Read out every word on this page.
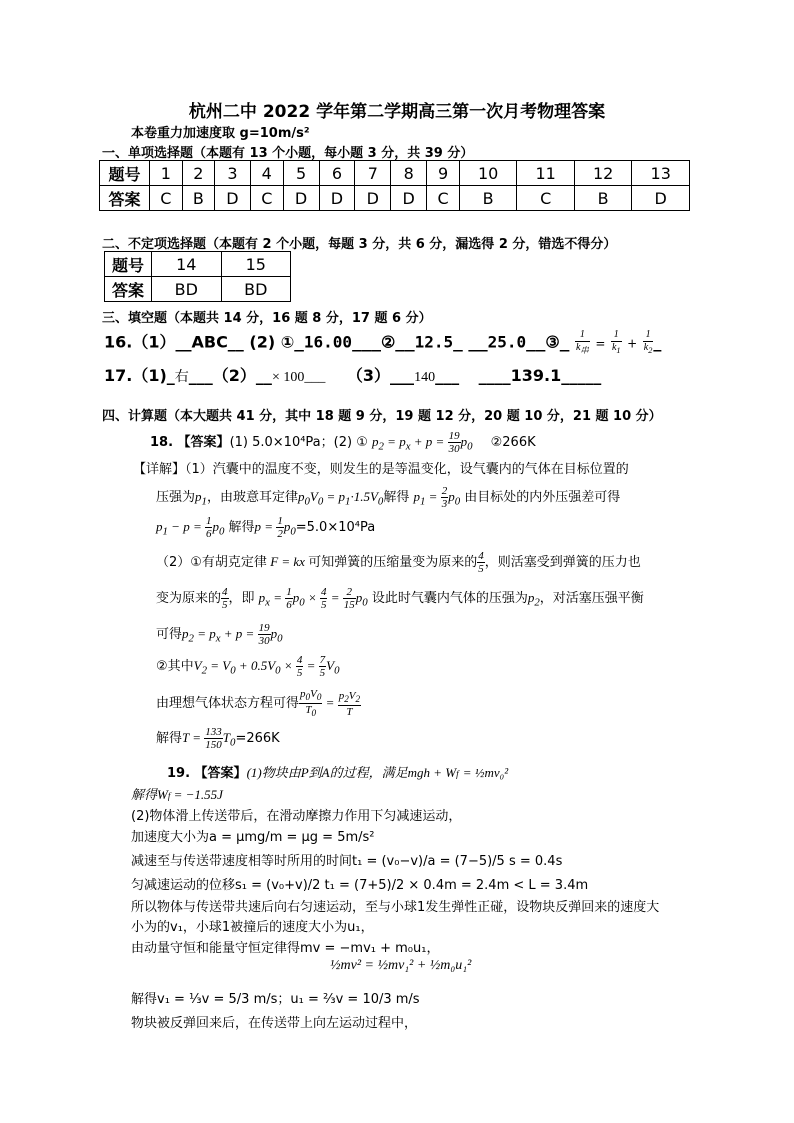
杭州二中 2022 学年第二学期高三第一次月考物理答案
本卷重力加速度取 g=10m/s²
一、单项选择题（本题有 13 个小题，每小题 3 分，共 39 分）
题号	1	2	3	4	5	6	7	8	9	10	11	12	13
答案	C	B	D	C	D	D	D	D	C	B	C	B	D
二、不定项选择题（本题有 2 个小题，每题 3 分，共 6 分，漏选得 2 分，错选不得分）
题号	14	15
答案	BD	BD
三、填空题（本题共 14 分，16 题 8 分，17 题 6 分）
16.（1）__ABC__ (2) ①_16.00___②__12.5_ __25.0__③_ $\frac{1}{k_串} = \frac{1}{k_1} + \frac{1}{k_2}$ _
17.（1)_右___（2）__× 100___ （3）___140___ ____139.1_____
四、计算题（本大题共 41 分，其中 18 题 9 分，19 题 12 分，20 题 10 分，21 题 10 分）
18. 【答案】(1) 5.0×10⁴Pa；(2) ① $p_2 = p_x + p = \frac{19}{30} p_0$ ②266K
【详解】（1）汽囊中的温度不变，则发生的是等温变化，设气囊内的气体在目标位置的
压强为$p_1$，由玻意耳定律$p_0V_0 = p_1\cdot 1.5V_0$解得 $p_1 = \frac{2}{3} p_0$ 由目标处的内外压强差可得
$p_1 - p = \frac{1}{6} p_0$ 解得$p = \frac{1}{2} p_0=5.0\times 10^4Pa$
（2）①有胡克定律 F = kx 可知弹簧的压缩量变为原来的 $\frac{4}{5}$ ，则活塞受到弹簧的压力也
变为原来的 $\frac{4}{5}$ ，即 $p_x = \frac{1}{6} p_0 \times \frac{4}{5} = \frac{2}{15} p_0$ 设此时气囊内气体的压强为$p_2$，对活塞压强平衡
可得$p_2 = p_x + p = \frac{19}{30} p_0$
②其中$V_2 = V_0 + 0.5V_0 \times \frac{4}{5} = \frac{7}{5} V_0$
由理想气体状态方程可得 $\frac{p_0V_0}{T_0} = \frac{p_2V_2}{T}$
解得$T = \frac{133}{150} T_0=266K$
19. 【答案】(1)物块由P到A的过程，满足mgh + Wf = ½mv₀²
解得Wf = −1.55J
(2)物体滑上传送带后，在滑动摩擦力作用下匀减速运动，
加速度大小为a = μmg/m = μg = 5m/s²
减速至与传送带速度相等时所用的时间t₁ = (v₀−v)/a = (7−5)/5 s = 0.4s
匀减速运动的位移s₁ = (v₀+v)/2 t₁ = (7+5)/2 × 0.4m = 2.4m < L = 3.4m
所以物体与传送带共速后向右匀速运动，至与小球1发生弹性正碰，设物块反弹回来的速度大
小为的v₁，小球1被撞后的速度大小为u₁，
由动量守恒和能量守恒定律得mv = −mv₁ + m₀u₁，
½mv² = ½mv₁² + ½m₀u₁²
解得v₁ = ⅓v = 5/3 m/s；u₁ = ⅔v = 10/3 m/s
物块被反弹回来后，在传送带上向左运动过程中，
